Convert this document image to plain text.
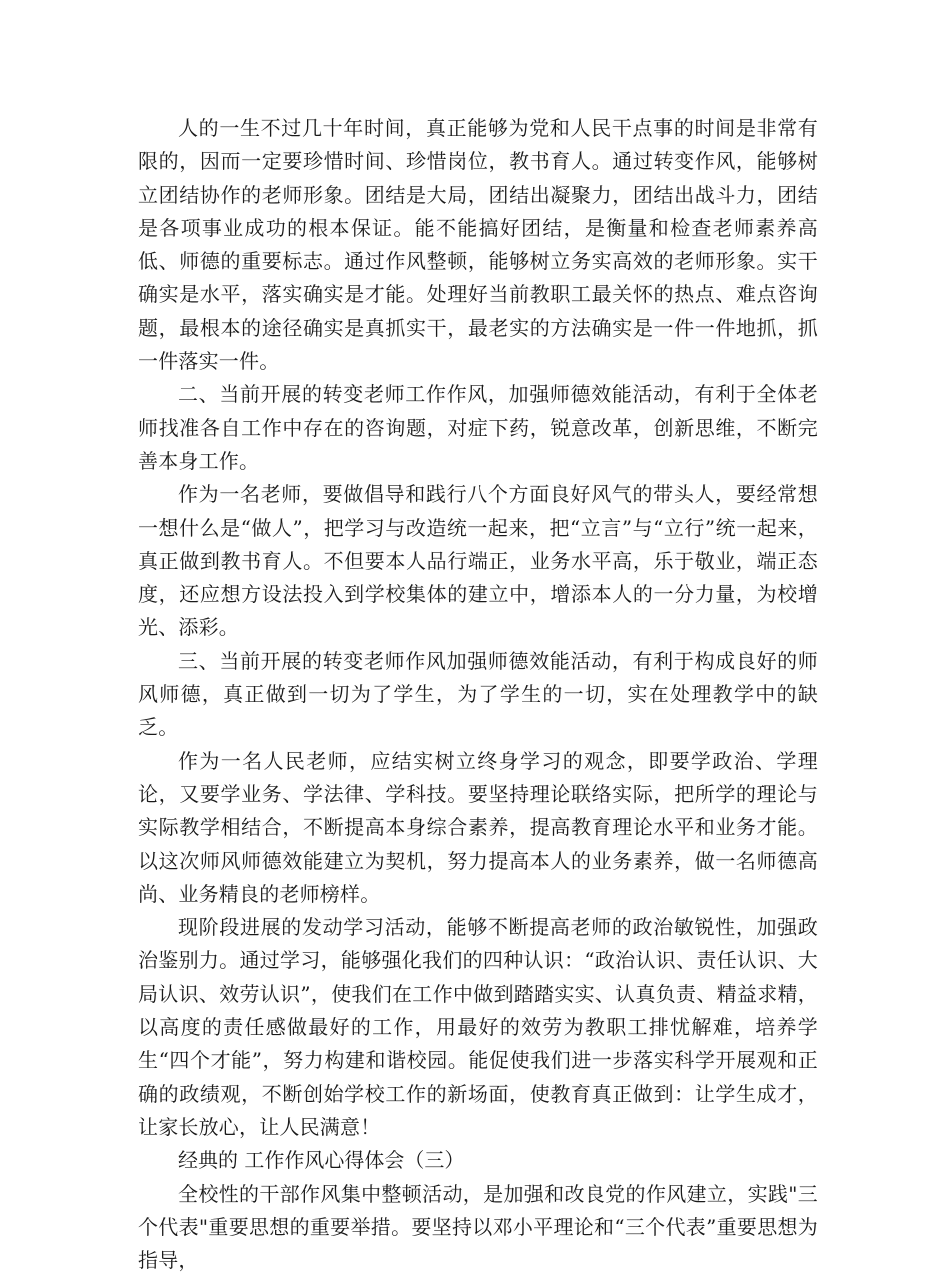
人的一生不过几十年时间，真正能够为党和人民干点事的时间是非常有限的，因而一定要珍惜时间、珍惜岗位，教书育人。通过转变作风，能够树立团结协作的老师形象。团结是大局，团结出凝聚力，团结出战斗力，团结是各项事业成功的根本保证。能不能搞好团结，是衡量和检查老师素养高低、师德的重要标志。通过作风整顿，能够树立务实高效的老师形象。实干确实是水平，落实确实是才能。处理好当前教职工最关怀的热点、难点咨询题，最根本的途径确实是真抓实干，最老实的方法确实是一件一件地抓，抓一件落实一件。

二、当前开展的转变老师工作作风，加强师德效能活动，有利于全体老师找准各自工作中存在的咨询题，对症下药，锐意改革，创新思维，不断完善本身工作。

作为一名老师，要做倡导和践行八个方面良好风气的带头人，要经常想一想什么是“做人”，把学习与改造统一起来，把“立言”与“立行”统一起来，真正做到教书育人。不但要本人品行端正，业务水平高，乐于敬业，端正态度，还应想方设法投入到学校集体的建立中，增添本人的一分力量，为校增光、添彩。

三、当前开展的转变老师作风加强师德效能活动，有利于构成良好的师风师德，真正做到一切为了学生，为了学生的一切，实在处理教学中的缺乏。

作为一名人民老师，应结实树立终身学习的观念，即要学政治、学理论，又要学业务、学法律、学科技。要坚持理论联络实际，把所学的理论与实际教学相结合，不断提高本身综合素养，提高教育理论水平和业务才能。以这次师风师德效能建立为契机，努力提高本人的业务素养，做一名师德高尚、业务精良的老师榜样。

现阶段进展的发动学习活动，能够不断提高老师的政治敏锐性，加强政治鉴别力。通过学习，能够强化我们的四种认识：“政治认识、责任认识、大局认识、效劳认识”，使我们在工作中做到踏踏实实、认真负责、精益求精，以高度的责任感做最好的工作，用最好的效劳为教职工排忧解难，培养学生“四个才能”，努力构建和谐校园。能促使我们进一步落实科学开展观和正确的政绩观，不断创始学校工作的新场面，使教育真正做到：让学生成才，让家长放心，让人民满意！

经典的 工作作风心得体会（三）

全校性的干部作风集中整顿活动，是加强和改良党的作风建立，实践"三个代表"重要思想的重要举措。要坚持以邓小平理论和“三个代表”重要思想为指导，
